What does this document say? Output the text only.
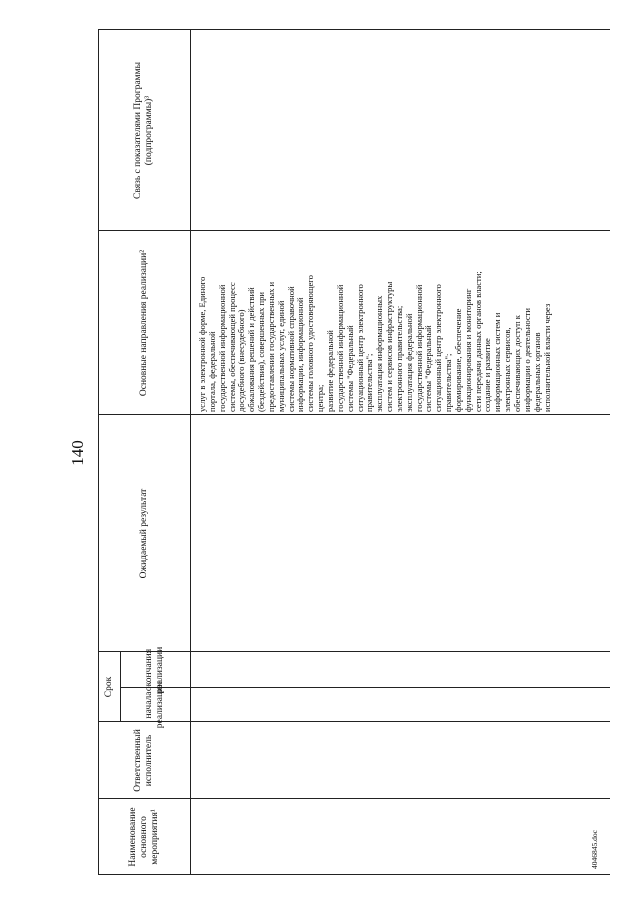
140
Наименование
основного
мероприятия¹
Ответственный
исполнитель
Срок
начала
реализации
окончания
реализации
Ожидаемый результат
Основные направления реализации²
Связь с показателями Программы
(подпрограммы)³
услуг в электронной форме, Единого
портала, федеральной
государственной информационной
системы, обеспечивающей процесс
досудебного (внесудебного)
обжалования решений и действий
(бездействия), совершенных при
предоставлении государственных и
муниципальных услуг, единой
системы нормативной справочной
информации, информационной
системы головного удостоверяющего
центра;
развитие федеральной
государственной информационной
системы "Федеральный
ситуационный центр электронного
правительства";
эксплуатация информационных
систем и сервисов инфраструктуры
электронного правительства;
эксплуатация федеральной
государственной информационной
системы "Федеральный
ситуационный центр электронного
правительства";
формирование, обеспечение
функционирования и мониторинг
сети передачи данных органов власти;
создание и развитие
информационных систем и
электронных сервисов,
обеспечивающих доступ к
информации о деятельности
федеральных органов
исполнительной власти через
4046845.doc
